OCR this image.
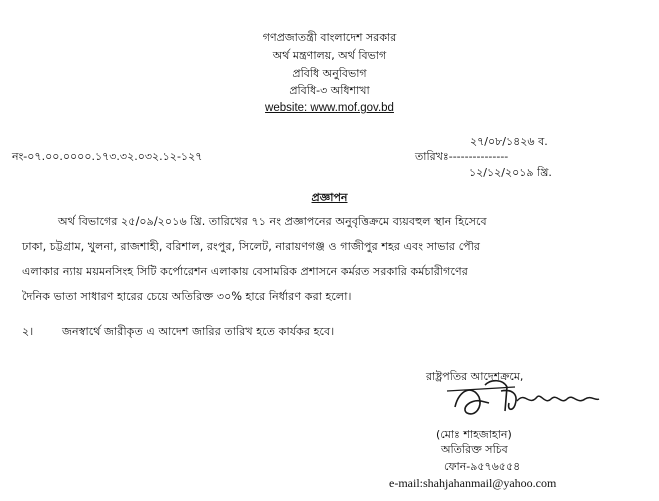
গণপ্রজাতন্ত্রী বাংলাদেশ সরকার
অর্থ মন্ত্রণালয়, অর্থ বিভাগ
প্রবিধি অনুবিভাগ
প্রবিধি-৩ অধিশাখা
website: www.mof.gov.bd
২৭/০৮/১৪২৬ ব.
নং-০৭.০০.০০০০.১৭৩.৩২.০৩২.১২-১২৭	তারিখঃ---------------
১২/১২/২০১৯ খ্রি.
প্রজ্ঞাপন
অর্থ বিভাগের ২৫/০৯/২০১৬ খ্রি. তারিখের ৭১ নং প্রজ্ঞাপনের অনুবৃত্তিক্রমে ব্যয়বহুল স্থান হিসেবে
ঢাকা, চট্টগ্রাম, খুলনা, রাজশাহী, বরিশাল, রংপুর, সিলেট, নারায়ণগঞ্জ ও গাজীপুর শহর এবং সাভার পৌর
এলাকার ন্যায় ময়মনসিংহ সিটি কর্পোরেশন এলাকায় বেসামরিক প্রশাসনে কর্মরত সরকারি কর্মচারীগণের
দৈনিক ভাতা সাধারণ হারের চেয়ে অতিরিক্ত ৩০% হারে নির্ধারণ করা হলো।
২।	জনস্বার্থে জারীকৃত এ আদেশ জারির তারিখ হতে কার্যকর হবে।
রাষ্ট্রপতির আদেশক্রমে,
(মোঃ শাহজাহান)
অতিরিক্ত সচিব
ফোন-৯৫৭৬৫৫৪
e-mail:shahjahanmail@yahoo.com
